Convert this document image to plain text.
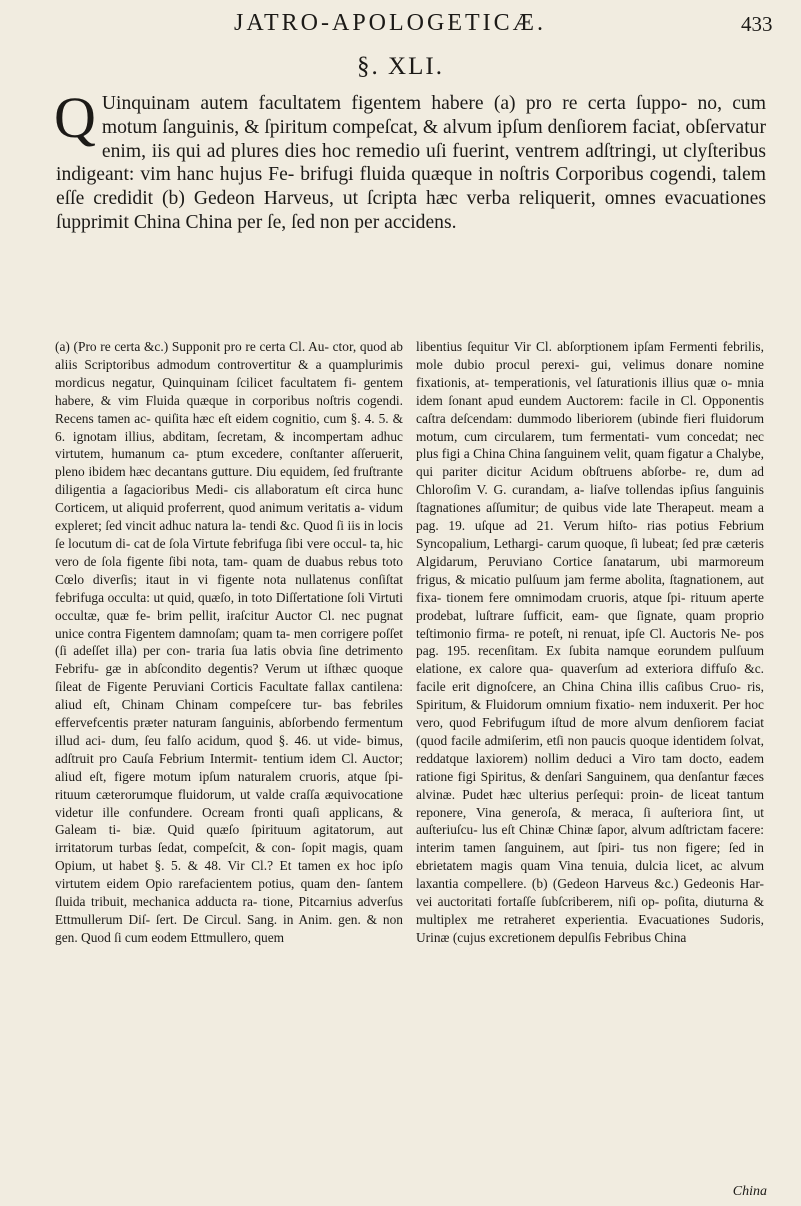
JATRO-APOLOGETICÆ.	433
§. XLI.

Q Uinquinam autem facultatem figentem habere (a) pro re certa ſuppo- no, cum motum ſanguinis, & ſpiritum compeſcat, & alvum ipſum denſiorem faciat, obſervatur enim, iis qui ad plures dies hoc remedio uſi fuerint, ventrem adſtringi, ut clyſteribus indigeant: vim hanc hujus Fe- brifugi fluida quæque in noſtris Corporibus cogendi, talem eſſe credidit (b) Gedeon Harveus, ut ſcripta hæc verba reliquerit, omnes evacuationes ſupprimit China China per ſe, ſed non per accidens.

(a) (Pro re certa &c.) Supponit pro re certa Cl. Au- ctor, quod ab aliis Scriptoribus admodum controvertitur & a quamplurimis mordicus negatur, Quinquinam ſcilicet facultatem fi- gentem habere, & vim Fluida quæque in corporibus noſtris cogendi. Recens tamen ac- quiſita hæc eſt eidem cognitio, cum §. 4. 5. & 6. ignotam illius, abditam, ſecretam, & incompertam adhuc virtutem, humanum ca- ptum excedere, conſtanter aſſeruerit, pleno ibidem hæc decantans gutture. Diu equidem, ſed fruſtrante diligentia a ſagacioribus Medi- cis allaboratum eſt circa hunc Corticem, ut aliquid proferrent, quod animum veritatis a- vidum expleret; ſed vincit adhuc natura la- tendi &c. Quod ſi iis in locis ſe locutum di- cat de ſola Virtute febrifuga ſibi vere occul- ta, hic vero de ſola figente ſibi nota, tam- quam de duabus rebus toto Cœlo diverſis; itaut in vi figente nota nullatenus conſiſtat febrifuga occulta: ut quid, quæſo, in toto Diſſertatione ſoli Virtuti occultæ, quæ fe- brim pellit, iraſcitur Auctor Cl. nec pugnat unice contra Figentem damnoſam; quam ta- men corrigere poſſet (ſi adeſſet illa) per con- traria ſua latis obvia ſine detrimento Febrifu- gæ in abſcondito degentis? Verum ut iſthæc quoque ſileat de Figente Peruviani Corticis Facultate fallax cantilena: aliud eſt, Chinam Chinam compeſcere tur- bas febriles effervefcentis præter naturam ſanguinis, abſorbendo fermentum illud aci- dum, ſeu falſo acidum, quod §. 46. ut vide- bimus, adſtruit pro Cauſa Febrium Intermit- tentium idem Cl. Auctor; aliud eſt, figere motum ipſum naturalem cruoris, atque ſpi- rituum cæterorumque fluidorum, ut valde craſſa æquivocatione videtur ille confundere. Ocream fronti quaſi applicans, & Galeam ti- biæ. Quid quæſo ſpirituum agitatorum, aut irritatorum turbas ſedat, compeſcit, & con- ſopit magis, quam Opium, ut habet §. 5. & 48. Vir Cl.? Et tamen ex hoc ipſo virtutem eidem Opio rarefacientem potius, quam den- ſantem ſluida tribuit, mechanica adducta ra- tione, Pitcarnius adverſus Ettmullerum Diſ- ſert. De Circul. Sang. in Anim. gen. & non gen. Quod ſi cum eodem Ettmullero, quem

libentius ſequitur Vir Cl. abſorptionem ipſam Fermenti febrilis, mole dubio procul perexi- gui, velimus donare nomine fixationis, at- temperationis, vel ſaturationis illius quæ o- mnia idem ſonant apud eundem Auctorem: facile in Cl. Opponentis caſtra deſcendam: dummodo liberiorem (ubinde fieri fluidorum motum, cum circularem, tum fermentati- vum concedat; nec plus figi a China China ſanguinem velit, quam figatur a Chalybe, qui pariter dicitur Acidum obſtruens abſorbe- re, dum ad Chloroſim V. G. curandam, a- liaſve tollendas ipſius ſanguinis ſtagnationes aſſumitur; de quibus vide late Therapeut. meam a pag. 19. uſque ad 21. Verum hiſto- rias potius Febrium Syncopalium, Lethargi- carum quoque, ſi lubeat; ſed præ cæteris Algidarum, Peruviano Cortice ſanatarum, ubi marmoreum frigus, & micatio pulſuum jam ferme abolita, ſtagnationem, aut fixa- tionem fere omnimodam cruoris, atque ſpi- rituum aperte prodebat, luſtrare ſufficit, eam- que ſignate, quam proprio teſtimonio firma- re poteſt, ni renuat, ipſe Cl. Auctoris Ne- pos pag. 195. recenſitam. Ex ſubita namque eorundem pulſuum elatione, ex calore qua- quaverſum ad exteriora diffuſo &c. facile erit dignoſcere, an China China illis caſibus Cruo- ris, Spiritum, & Fluidorum omnium fixatio- nem induxerit. Per hoc vero, quod Febrifugum iſtud de more alvum denſiorem faciat (quod facile admiſerim, etſi non paucis quoque identidem ſolvat, reddatque laxiorem) nollim deduci a Viro tam docto, eadem ratione figi Spiritus, & denſari Sanguinem, qua denſantur fæces alvinæ. Pudet hæc ulterius perſequi: proin- de liceat tantum reponere, Vina generoſa, & meraca, ſi auſteriora ſint, ut auſteriuſcu- lus eſt Chinæ Chinæ ſapor, alvum adſtrictam facere: interim tamen ſanguinem, aut ſpiri- tus non figere; ſed in ebrietatem magis quam Vina tenuia, dulcia licet, ac alvum laxantia compellere. (b) (Gedeon Harveus &c.) Gedeonis Har- vei auctoritati fortaſſe ſubſcriberem, niſi op- poſita, diuturna & multiplex me retraheret experientia. Evacuationes Sudoris, Urinæ (cujus excretionem depulſis Febribus China

China
